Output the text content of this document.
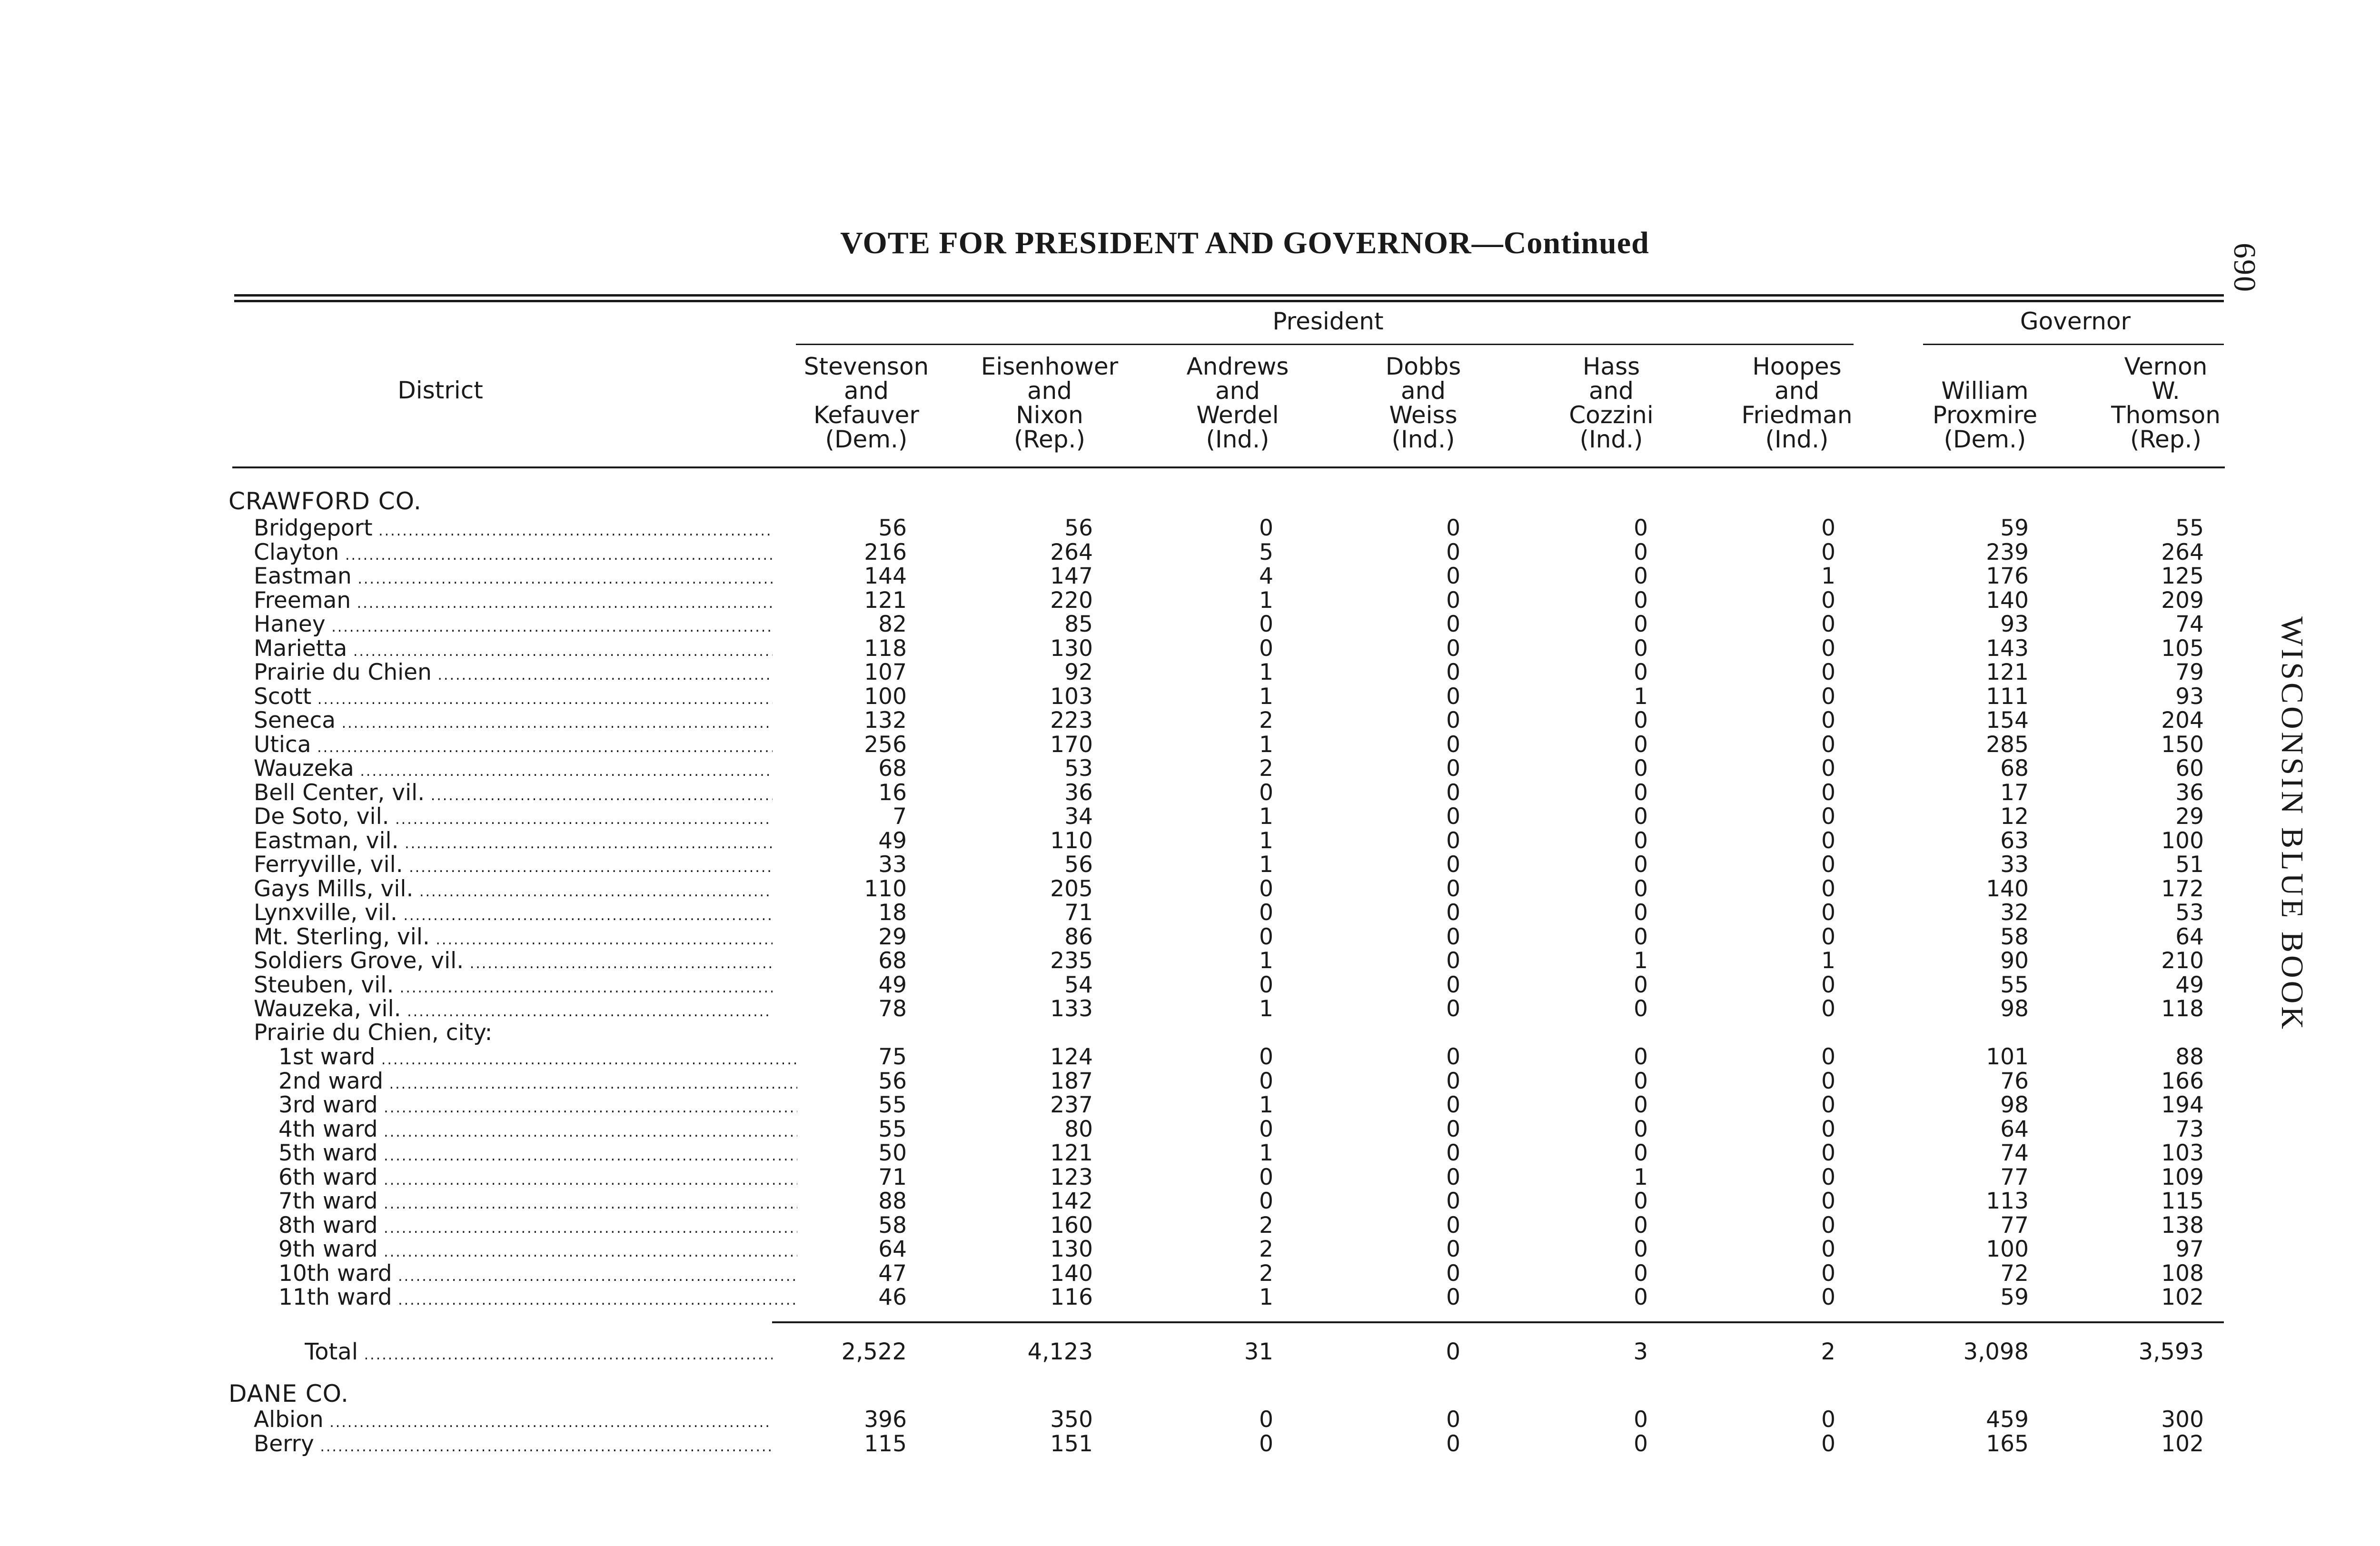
VOTE FOR PRESIDENT AND GOVERNOR—Continued	690
WISCONSIN BLUE BOOK
President	Governor
District
Stevenson
and
Kefauver
(Dem.)
Eisenhower
and
Nixon
(Rep.)
Andrews
and
Werdel
(Ind.)
Dobbs
and
Weiss
(Ind.)
Hass
and
Cozzini
(Ind.)
Hoopes
and
Friedman
(Ind.)
William
Proxmire
(Dem.)
Vernon
W.
Thomson
(Rep.)
CRAWFORD CO.
Bridgeport .....	56	56	0	0	0	0	59	55
Clayton .....	216	264	5	0	0	0	239	264
Eastman .....	144	147	4	0	0	1	176	125
Freeman .....	121	220	1	0	0	0	140	209
Haney .....	82	85	0	0	0	0	93	74
Marietta .....	118	130	0	0	0	0	143	105
Prairie du Chien .....	107	92	1	0	0	0	121	79
Scott .....	100	103	1	0	1	0	111	93
Seneca .....	132	223	2	0	0	0	154	204
Utica .....	256	170	1	0	0	0	285	150
Wauzeka .....	68	53	2	0	0	0	68	60
Bell Center, vil. .....	16	36	0	0	0	0	17	36
De Soto, vil. .....	7	34	1	0	0	0	12	29
Eastman, vil. .....	49	110	1	0	0	0	63	100
Ferryville, vil. .....	33	56	1	0	0	0	33	51
Gays Mills, vil. .....	110	205	0	0	0	0	140	172
Lynxville, vil. .....	18	71	0	0	0	0	32	53
Mt. Sterling, vil. .....	29	86	0	0	0	0	58	64
Soldiers Grove, vil. .....	68	235	1	0	1	1	90	210
Steuben, vil. .....	49	54	0	0	0	0	55	49
Wauzeka, vil. .....	78	133	1	0	0	0	98	118
Prairie du Chien, city:
1st ward .....	75	124	0	0	0	0	101	88
2nd ward .....	56	187	0	0	0	0	76	166
3rd ward .....	55	237	1	0	0	0	98	194
4th ward .....	55	80	0	0	0	0	64	73
5th ward .....	50	121	1	0	0	0	74	103
6th ward .....	71	123	0	0	1	0	77	109
7th ward .....	88	142	0	0	0	0	113	115
8th ward .....	58	160	2	0	0	0	77	138
9th ward .....	64	130	2	0	0	0	100	97
10th ward .....	47	140	2	0	0	0	72	108
11th ward .....	46	116	1	0	0	0	59	102
Total .....	2,522	4,123	31	0	3	2	3,098	3,593
DANE CO.
Albion .....	396	350	0	0	0	0	459	300
Berry .....	115	151	0	0	0	0	165	102
